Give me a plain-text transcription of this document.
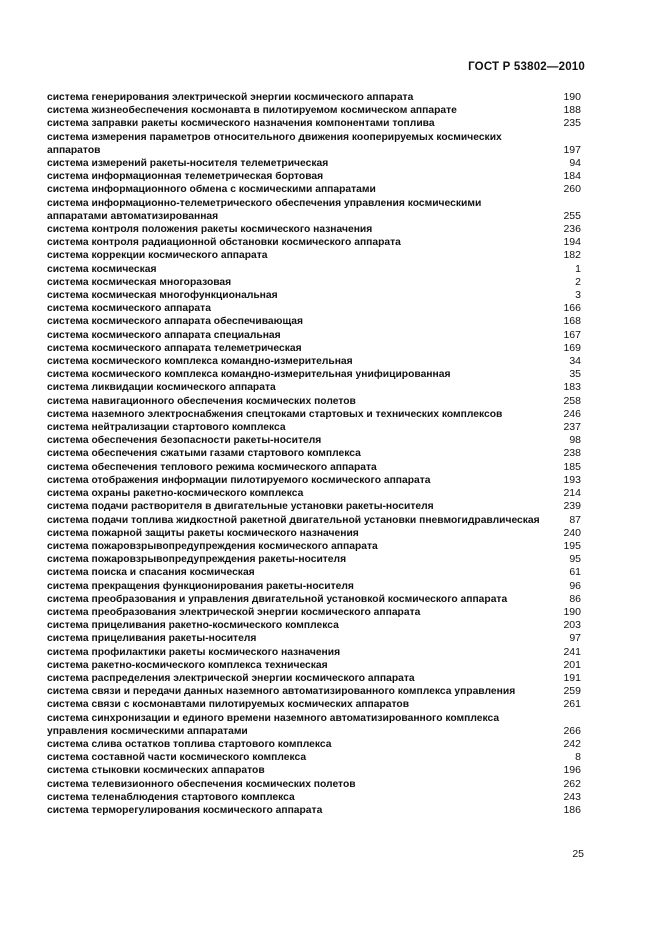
ГОСТ Р 53802—2010
система генерирования электрической энергии космического аппарата	190
система жизнеобеспечения космонавта в пилотируемом космическом аппарате	188
система заправки ракеты космического назначения компонентами топлива	235
система измерения параметров относительного движения кооперируемых космических аппаратов	197
система измерений ракеты-носителя телеметрическая	94
система информационная телеметрическая бортовая	184
система информационного обмена с космическими аппаратами	260
система информационно-телеметрического обеспечения управления космическими аппаратами автоматизированная	255
система контроля положения ракеты космического назначения	236
система контроля радиационной обстановки космического аппарата	194
система коррекции космического аппарата	182
система космическая	1
система космическая многоразовая	2
система космическая многофункциональная	3
система космического аппарата	166
система космического аппарата обеспечивающая	168
система космического аппарата специальная	167
система космического аппарата телеметрическая	169
система космического комплекса командно-измерительная	34
система космического комплекса командно-измерительная унифицированная	35
система ликвидации космического аппарата	183
система навигационного обеспечения космических полетов	258
система наземного электроснабжения спецтоками стартовых и технических комплексов	246
система нейтрализации стартового комплекса	237
система обеспечения безопасности ракеты-носителя	98
система обеспечения сжатыми газами стартового комплекса	238
система обеспечения теплового режима космического аппарата	185
система отображения информации пилотируемого космического аппарата	193
система охраны ракетно-космического комплекса	214
система подачи растворителя в двигательные установки ракеты-носителя	239
система подачи топлива жидкостной ракетной двигательной установки пневмогидравлическая	87
система пожарной защиты ракеты космического назначения	240
система пожаровзрывопредупреждения космического аппарата	195
система пожаровзрывопредупреждения ракеты-носителя	95
система поиска и спасания космическая	61
система прекращения функционирования ракеты-носителя	96
система преобразования и управления двигательной установкой космического аппарата	86
система преобразования электрической энергии космического аппарата	190
система прицеливания ракетно-космического комплекса	203
система прицеливания ракеты-носителя	97
система профилактики ракеты космического назначения	241
система ракетно-космического комплекса техническая	201
система распределения электрической энергии космического аппарата	191
система связи и передачи данных наземного автоматизированного комплекса управления	259
система связи с космонавтами пилотируемых космических аппаратов	261
система синхронизации и единого времени наземного автоматизированного комплекса управления космическими аппаратами	266
система слива остатков топлива стартового комплекса	242
система составной части космического комплекса	8
система стыковки космических аппаратов	196
система телевизионного обеспечения космических полетов	262
система теленаблюдения стартового комплекса	243
система терморегулирования космического аппарата	186
25
